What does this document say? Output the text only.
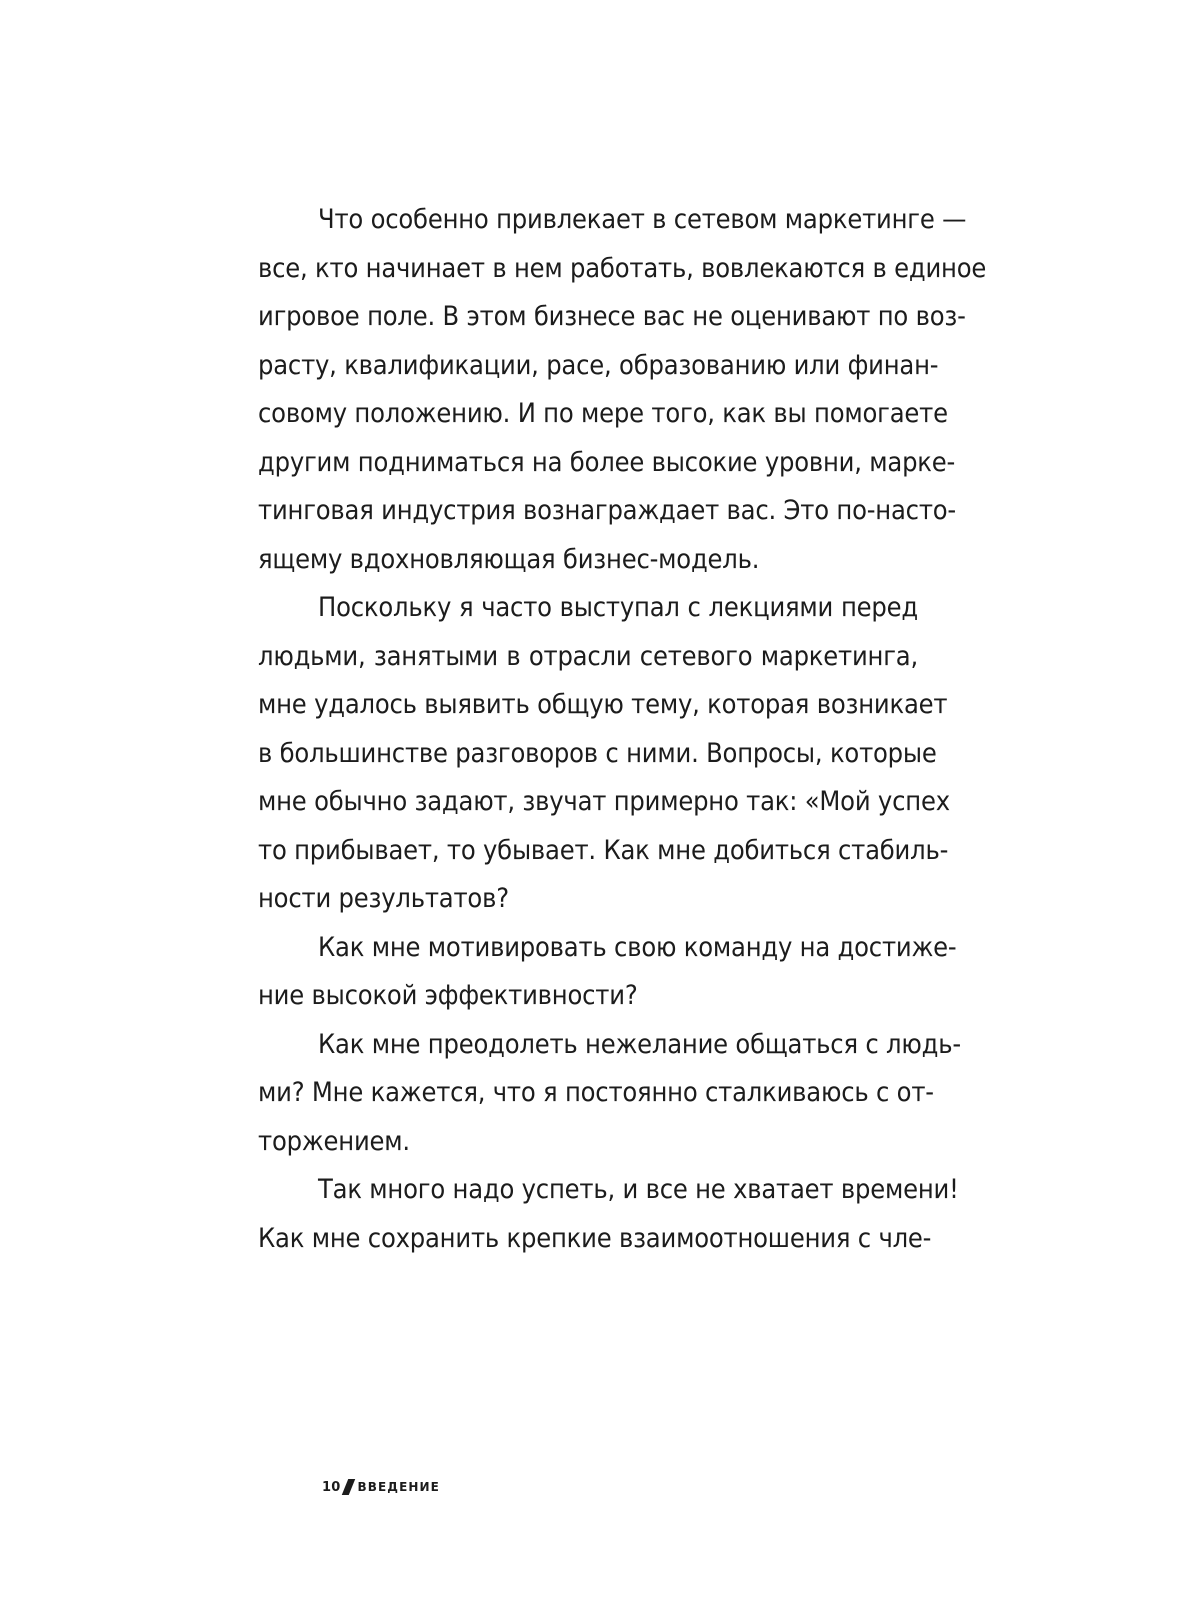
Что особенно привлекает в сетевом маркетинге —
все, кто начинает в нем работать, вовлекаются в единое
игровое поле. В этом бизнесе вас не оценивают по воз-
расту, квалификации, расе, образованию или финан-
совому положению. И по мере того, как вы помогаете
другим подниматься на более высокие уровни, марке-
тинговая индустрия вознаграждает вас. Это по-насто-
ящему вдохновляющая бизнес-модель.
Поскольку я часто выступал с лекциями перед
людьми, занятыми в отрасли сетевого маркетинга,
мне удалось выявить общую тему, которая возникает
в большинстве разговоров с ними. Вопросы, которые
мне обычно задают, звучат примерно так: «Мой успех
то прибывает, то убывает. Как мне добиться стабиль-
ности результатов?
Как мне мотивировать свою команду на достиже-
ние высокой эффективности?
Как мне преодолеть нежелание общаться с людь-
ми? Мне кажется, что я постоянно сталкиваюсь с от-
торжением.
Так много надо успеть, и все не хватает времени!
Как мне сохранить крепкие взаимоотношения с чле-
10 ВВЕДЕНИЕ
